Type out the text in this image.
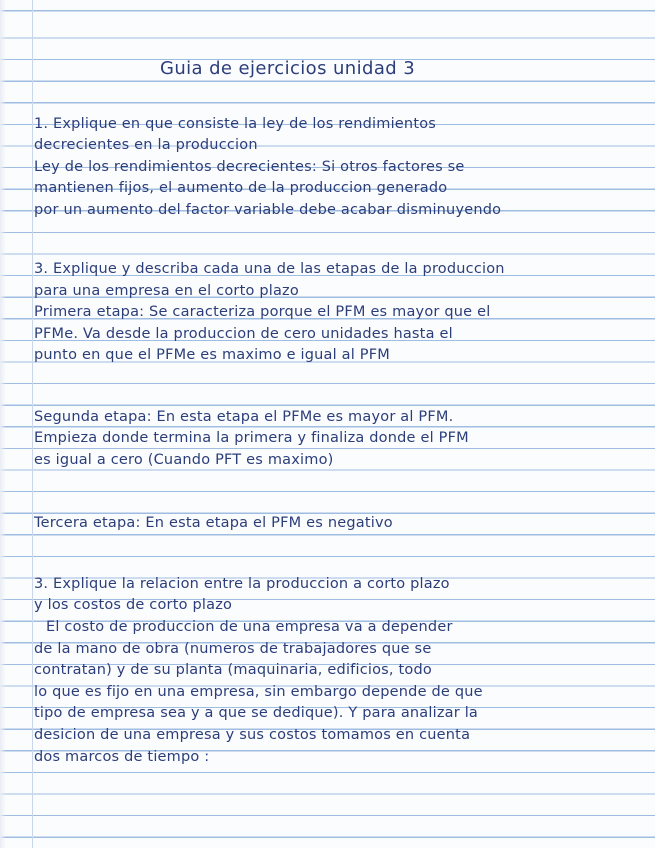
Guia de ejercicios unidad 3
1. Explique en que consiste la ley de los rendimientos
decrecientes en la produccion
Ley de los rendimientos decrecientes: Si otros factores se
mantienen fijos, el aumento de la produccion generado
por un aumento del factor variable debe acabar disminuyendo
3. Explique y describa cada una de las etapas de la produccion
para una empresa en el corto plazo
Primera etapa: Se caracteriza porque el PFM es mayor que el
PFMe. Va desde la produccion de cero unidades hasta el
punto en que el PFMe es maximo e igual al PFM
Segunda etapa: En esta etapa el PFMe es mayor al PFM.
Empieza donde termina la primera y finaliza donde el PFM
es igual a cero (Cuando PFT es maximo)
Tercera etapa: En esta etapa el PFM es negativo
3. Explique la relacion entre la produccion a corto plazo
y los costos de corto plazo
El costo de produccion de una empresa va a depender
de la mano de obra (numeros de trabajadores que se
contratan) y de su planta (maquinaria, edificios, todo
lo que es fijo en una empresa, sin embargo depende de que
tipo de empresa sea y a que se dedique). Y para analizar la
desicion de una empresa y sus costos tomamos en cuenta
dos marcos de tiempo :
